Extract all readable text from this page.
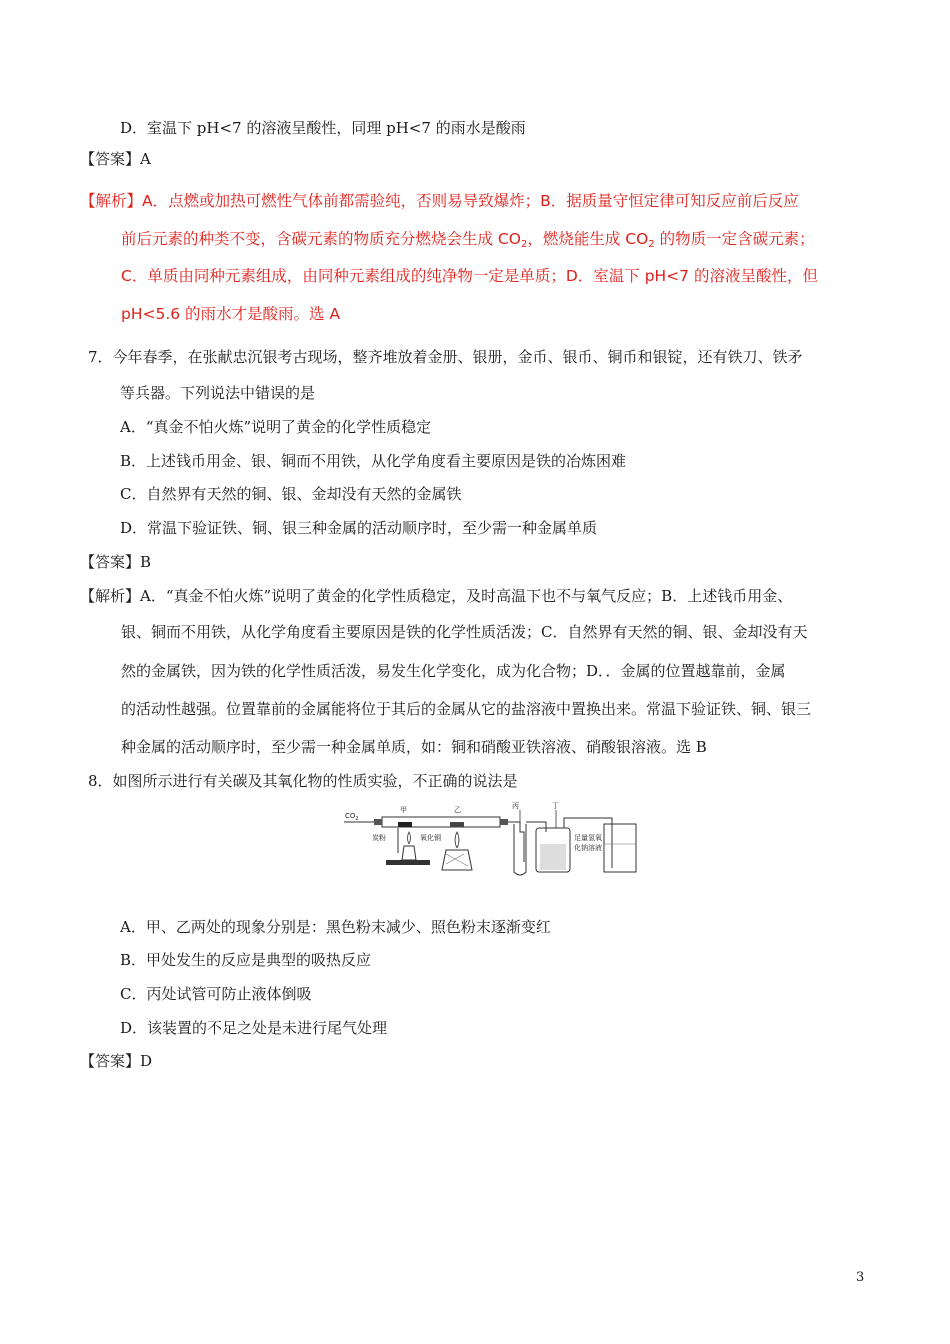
D．室温下 pH<7 的溶液呈酸性，同理 pH<7 的雨水是酸雨
【答案】A
【解析】A．点燃或加热可燃性气体前都需验纯，否则易导致爆炸；B．据质量守恒定律可知反应前后反应
前后元素的种类不变，含碳元素的物质充分燃烧会生成 $CO_2$，燃烧能生成 $CO_2$ 的物质一定含碳元素；
C．单质由同种元素组成，由同种元素组成的纯净物一定是单质；D．室温下 pH<7 的溶液呈酸性，但
pH<5.6 的雨水才是酸雨。选 A
7．今年春季，在张献忠沉银考古现场，整齐堆放着金册、银册，金币、银币、铜币和银锭，还有铁刀、铁矛
等兵器。下列说法中错误的是
A．“真金不怕火炼”说明了黄金的化学性质稳定
B．上述钱币用金、银、铜而不用铁，从化学角度看主要原因是铁的冶炼困难
C．自然界有天然的铜、银、金却没有天然的金属铁
D．常温下验证铁、铜、银三种金属的活动顺序时，至少需一种金属单质
【答案】B
【解析】A．“真金不怕火炼”说明了黄金的化学性质稳定，及时高温下也不与氧气反应；B．上述钱币用金、
银、铜而不用铁，从化学角度看主要原因是铁的化学性质活泼；C．自然界有天然的铜、银、金却没有天
然的金属铁，因为铁的化学性质活泼，易发生化学变化，成为化合物；D．．金属的位置越靠前，金属
的活动性越强。位置靠前的金属能将位于其后的金属从它的盐溶液中置换出来。常温下验证铁、铜、银三
种金属的活动顺序时，至少需一种金属单质，如：铜和硝酸亚铁溶液、硝酸银溶液。选 B
8．如图所示进行有关碳及其氧化物的性质实验，不正确的说法是
$CO_2$
甲	乙
炭粉	氧化铜
丙	丁
足量氢氧
化钠溶液
A．甲、乙两处的现象分别是：黑色粉末减少、照色粉末逐渐变红
B．甲处发生的反应是典型的吸热反应
C．丙处试管可防止液体倒吸
D．该装置的不足之处是未进行尾气处理
【答案】D
3
